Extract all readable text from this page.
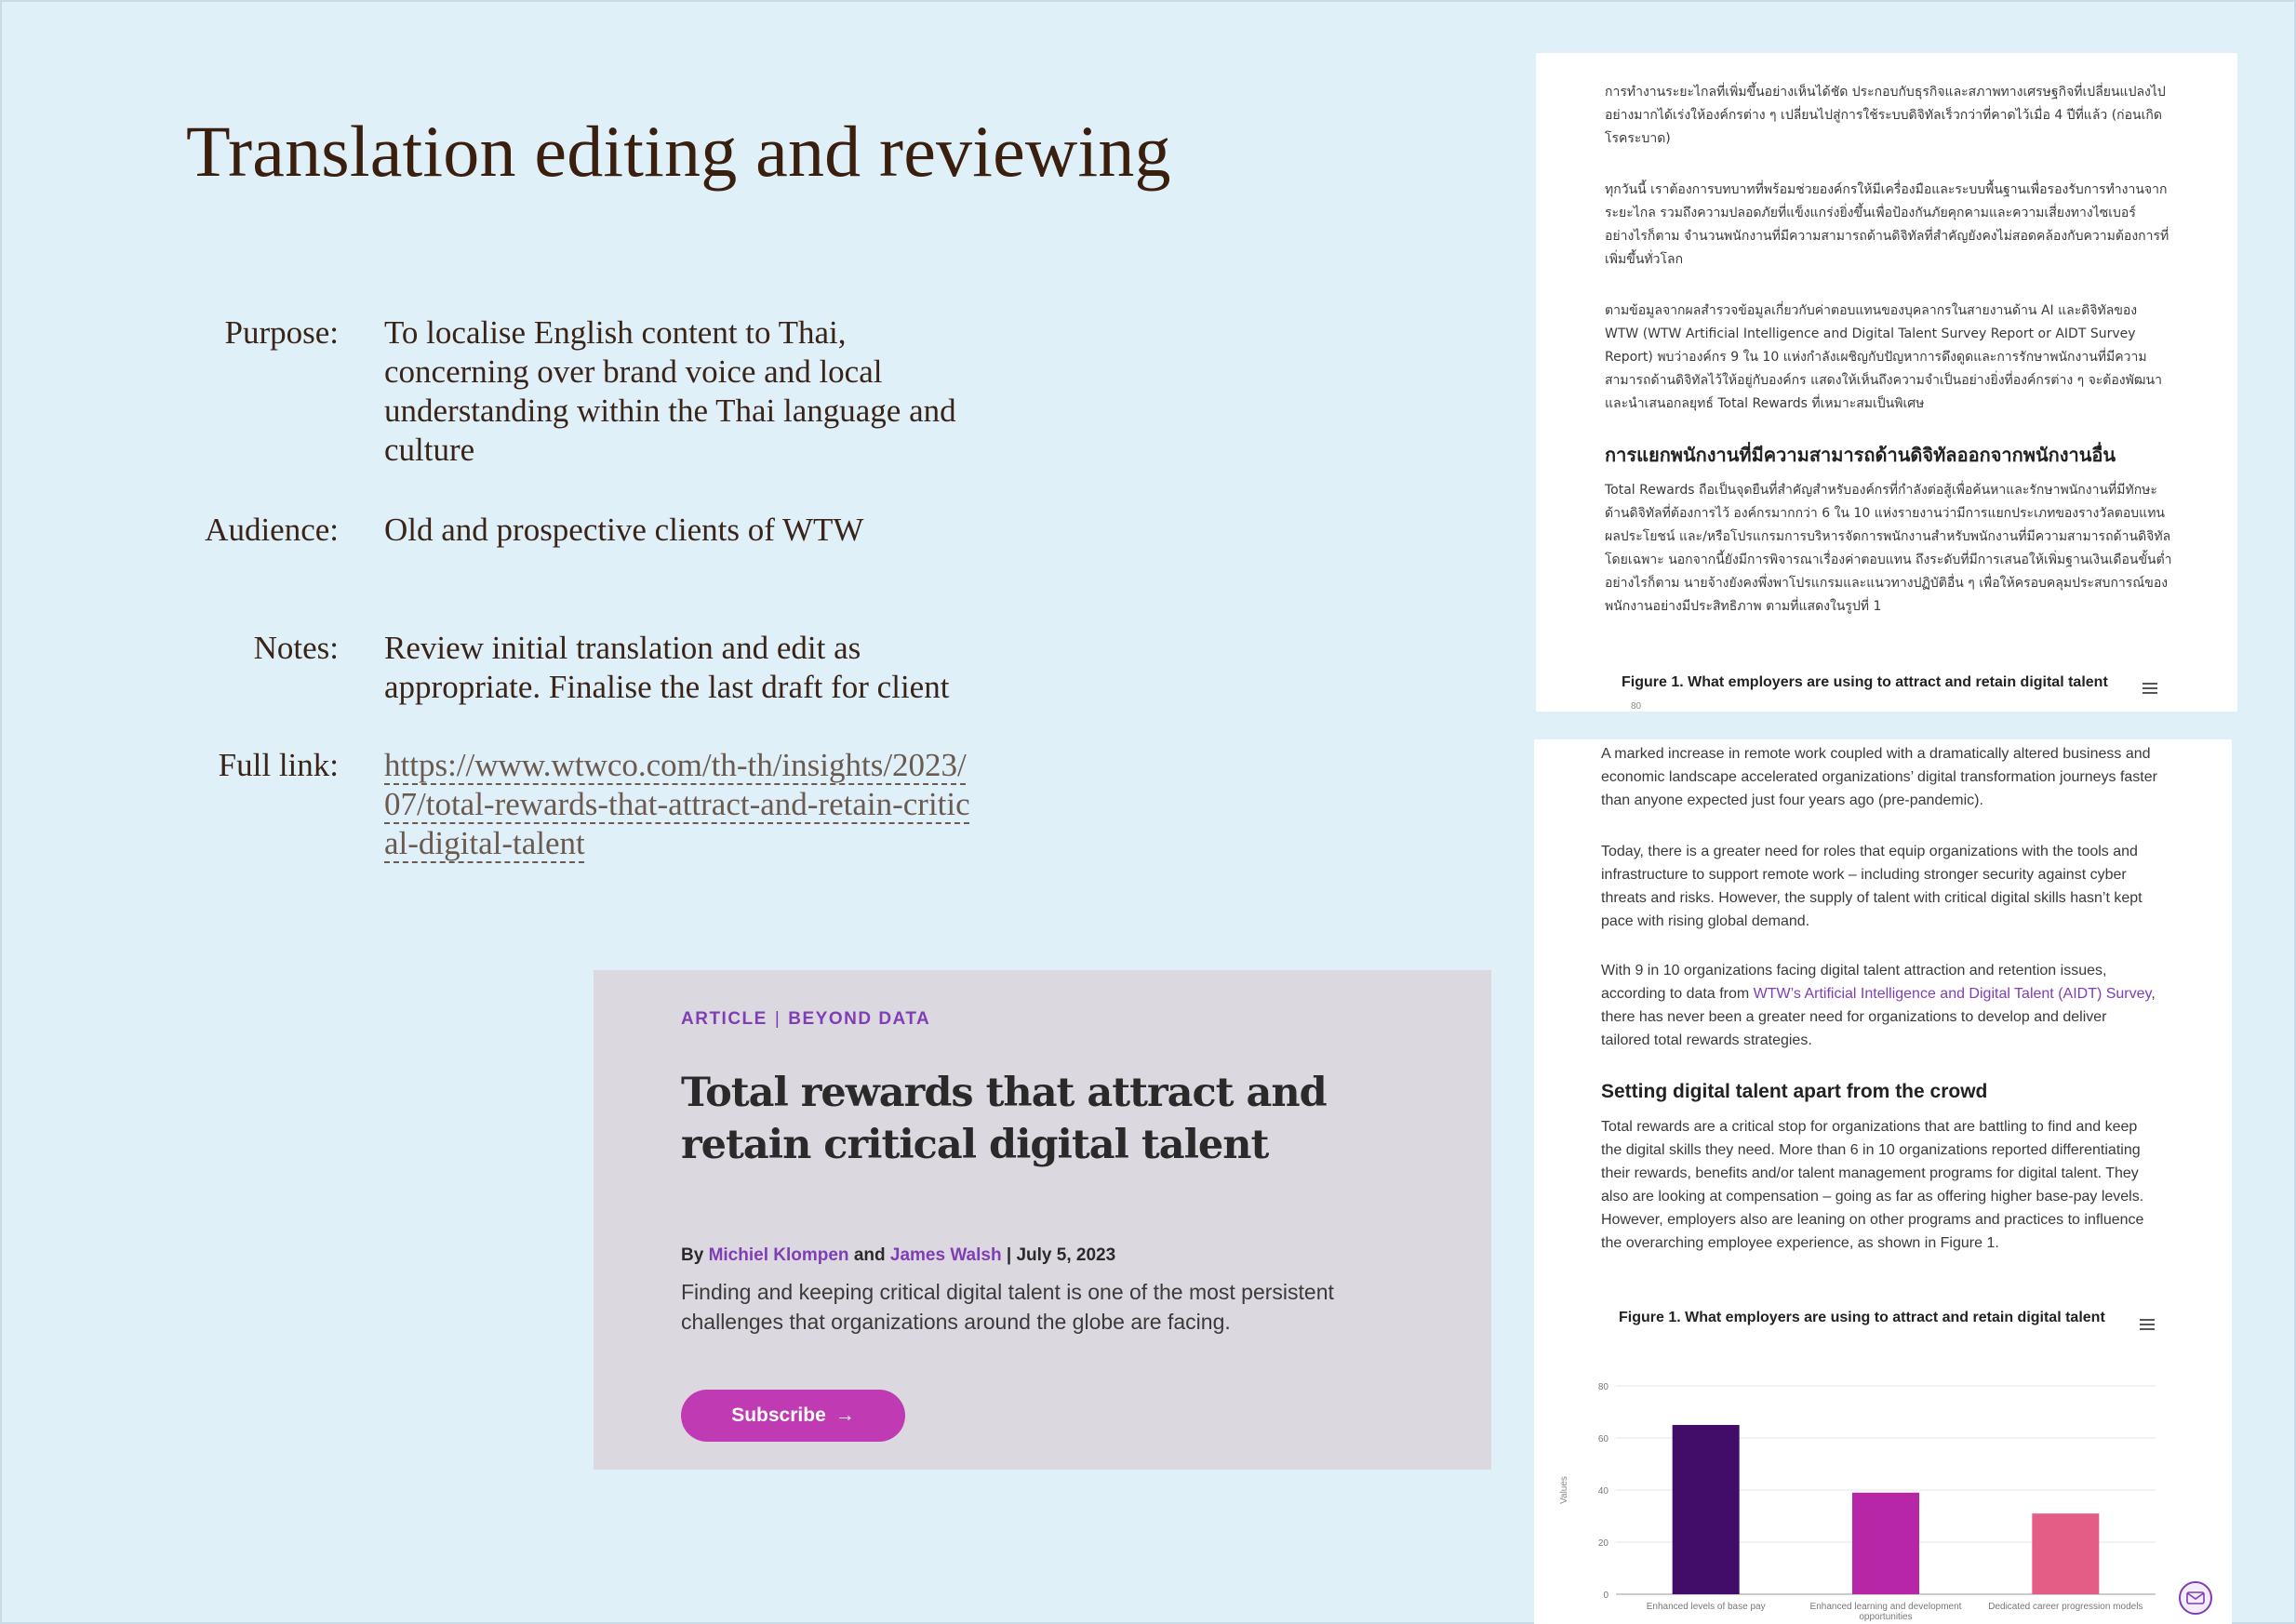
Translation editing and reviewing
Purpose: To localise English content to Thai, concerning over brand voice and local understanding within the Thai language and culture
Audience: Old and prospective clients of WTW
Notes: Review initial translation and edit as appropriate. Finalise the last draft for client
Full link: https://www.wtwco.com/th-th/insights/2023/07/total-rewards-that-attract-and-retain-critical-digital-talent
ARTICLE | BEYOND DATA
Total rewards that attract and retain critical digital talent
By Michiel Klompen and James Walsh | July 5, 2023
Finding and keeping critical digital talent is one of the most persistent challenges that organizations around the globe are facing.
Subscribe →
การทำงานระยะไกลที่เพิ่มขึ้นอย่างเห็นได้ชัด ประกอบกับธุรกิจและสภาพทางเศรษฐกิจที่เปลี่ยนแปลงไปอย่างมากได้เร่งให้องค์กรต่าง ๆ เปลี่ยนไปสู่การใช้ระบบดิจิทัลเร็วกว่าที่คาดไว้เมื่อ 4 ปีที่แล้ว (ก่อนเกิดโรคระบาด)
ทุกวันนี้ เราต้องการบทบาทที่พร้อมช่วยองค์กรให้มีเครื่องมือและระบบพื้นฐานเพื่อรองรับการทำงานจากระยะไกล รวมถึงความปลอดภัยที่แข็งแกร่งยิ่งขึ้นเพื่อป้องกันภัยคุกคามและความเสี่ยงทางไซเบอร์ อย่างไรก็ตาม จำนวนพนักงานที่มีความสามารถด้านดิจิทัลที่สำคัญยังคงไม่สอดคล้องกับความต้องการที่เพิ่มขึ้นทั่วโลก
ตามข้อมูลจากผลสำรวจข้อมูลเกี่ยวกับค่าตอบแทนของบุคลากรในสายงานด้าน AI และดิจิทัลของ WTW (WTW Artificial Intelligence and Digital Talent Survey Report or AIDT Survey Report) พบว่าองค์กร 9 ใน 10 แห่งกำลังเผชิญกับปัญหาการดึงดูดและการรักษาพนักงานที่มีความสามารถด้านดิจิทัลไว้ให้อยู่กับองค์กร แสดงให้เห็นถึงความจำเป็นอย่างยิ่งที่องค์กรต่าง ๆ จะต้องพัฒนาและนำเสนอกลยุทธ์ Total Rewards ที่เหมาะสมเป็นพิเศษ
การแยกพนักงานที่มีความสามารถด้านดิจิทัลออกจากพนักงานอื่น
Total Rewards ถือเป็นจุดยืนที่สำคัญสำหรับองค์กรที่กำลังต่อสู้เพื่อค้นหาและรักษาพนักงานที่มีทักษะด้านดิจิทัลที่ต้องการไว้ องค์กรมากกว่า 6 ใน 10 แห่งรายงานว่ามีการแยกประเภทของรางวัลตอบแทน ผลประโยชน์ และ/หรือโปรแกรมการบริหารจัดการพนักงานสำหรับพนักงานที่มีความสามารถด้านดิจิทัลโดยเฉพาะ นอกจากนี้ยังมีการพิจารณาเรื่องค่าตอบแทน ถึงระดับที่มีการเสนอให้เพิ่มฐานเงินเดือนขั้นต่ำ อย่างไรก็ตาม นายจ้างยังคงพึ่งพาโปรแกรมและแนวทางปฏิบัติอื่น ๆ เพื่อให้ครอบคลุมประสบการณ์ของพนักงานอย่างมีประสิทธิภาพ ตามที่แสดงในรูปที่ 1
Figure 1. What employers are using to attract and retain digital talent
80
A marked increase in remote work coupled with a dramatically altered business and economic landscape accelerated organizations’ digital transformation journeys faster than anyone expected just four years ago (pre-pandemic).
Today, there is a greater need for roles that equip organizations with the tools and infrastructure to support remote work – including stronger security against cyber threats and risks. However, the supply of talent with critical digital skills hasn’t kept pace with rising global demand.
With 9 in 10 organizations facing digital talent attraction and retention issues, according to data from WTW’s Artificial Intelligence and Digital Talent (AIDT) Survey, there has never been a greater need for organizations to develop and deliver tailored total rewards strategies.
Setting digital talent apart from the crowd
Total rewards are a critical stop for organizations that are battling to find and keep the digital skills they need. More than 6 in 10 organizations reported differentiating their rewards, benefits and/or talent management programs for digital talent. They also are looking at compensation – going as far as offering higher base-pay levels. However, employers also are leaning on other programs and practices to influence the overarching employee experience, as shown in Figure 1.
Figure 1. What employers are using to attract and retain digital talent
0
20
40
60
80
Values
Enhanced levels of base pay	Enhanced learning and development opportunities
Dedicated career progression models
